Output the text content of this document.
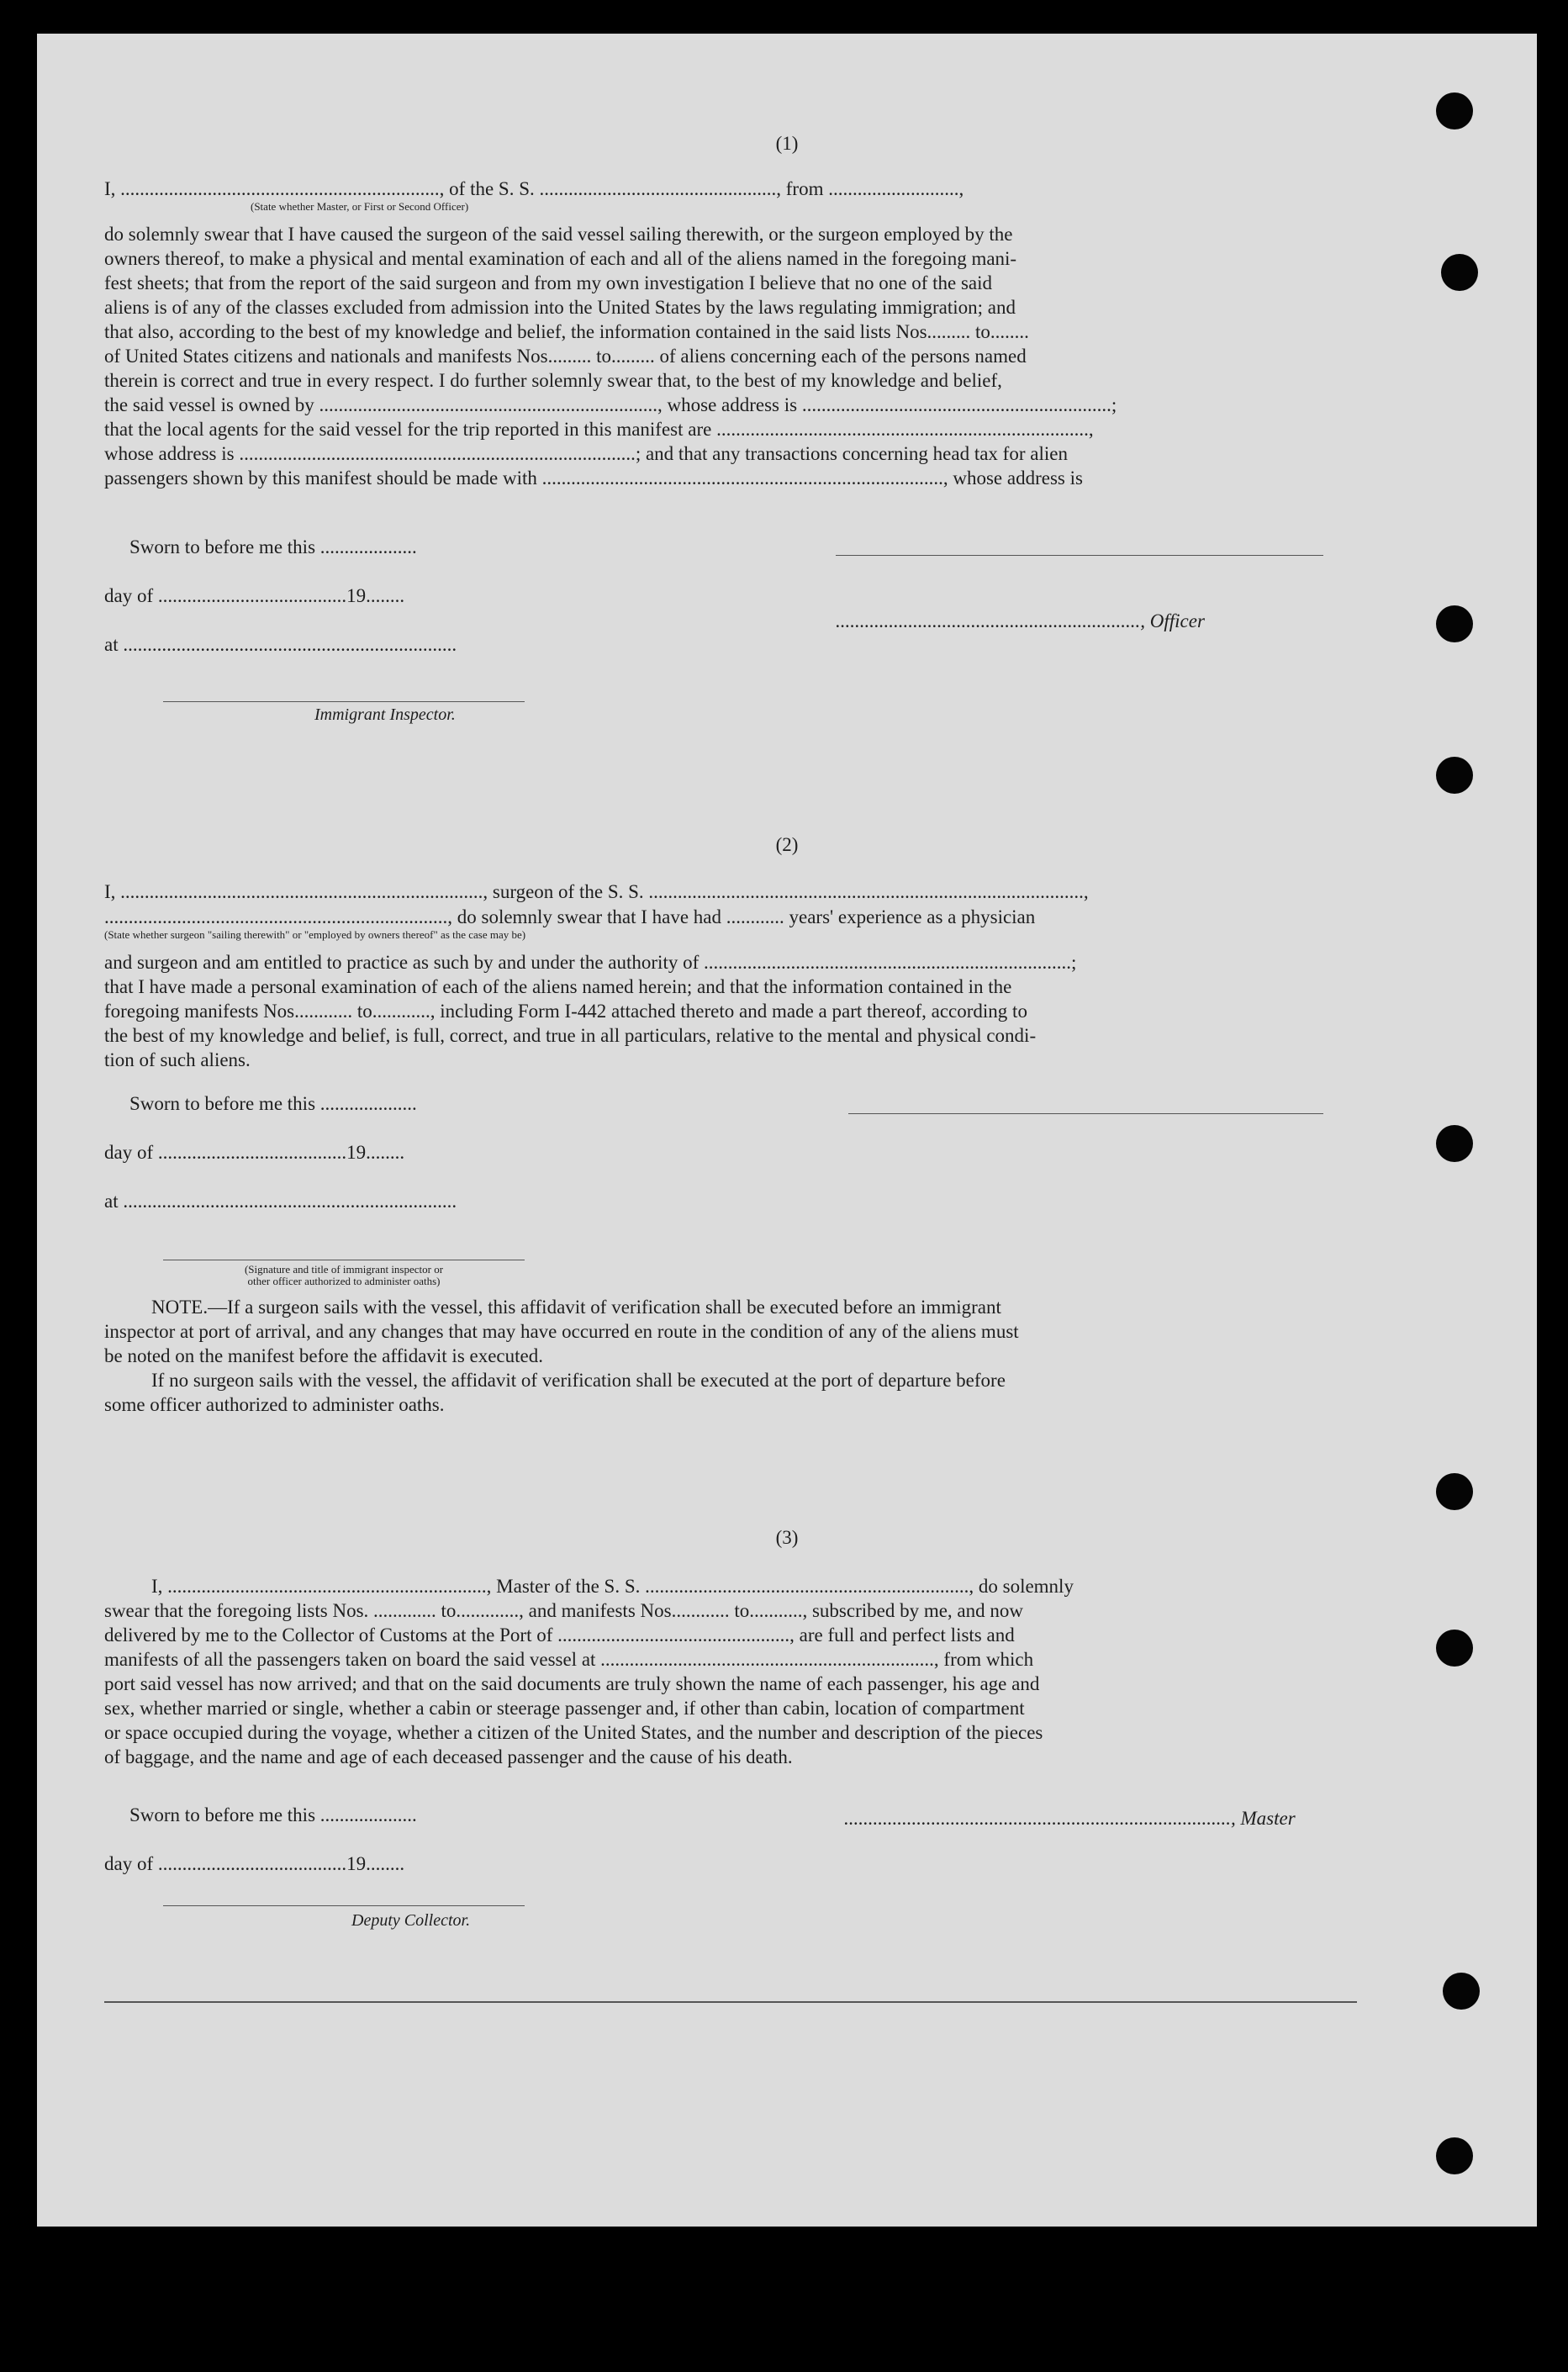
(1)
I, .................................................................., of the S. S. ................................................., from ...........................,
(State whether Master, or First or Second Officer)
do solemnly swear that I have caused the surgeon of the said vessel sailing therewith, or the surgeon employed by the
owners thereof, to make a physical and mental examination of each and all of the aliens named in the foregoing mani-
fest sheets; that from the report of the said surgeon and from my own investigation I believe that no one of the said
aliens is of any of the classes excluded from admission into the United States by the laws regulating immigration; and
that also, according to the best of my knowledge and belief, the information contained in the said lists Nos......... to........
of United States citizens and nationals and manifests Nos......... to......... of aliens concerning each of the persons named
therein is correct and true in every respect. I do further solemnly swear that, to the best of my knowledge and belief,
the said vessel is owned by ......................................................................, whose address is ................................................................;
that the local agents for the said vessel for the trip reported in this manifest are .............................................................................,
whose address is ..................................................................................; and that any transactions concerning head tax for alien
passengers shown by this manifest should be made with ..................................................................................., whose address is
Sworn to before me this ....................
day of .......................................19........
..............................................................., Officer
at .....................................................................
Immigrant Inspector.
(2)
I, ..........................................................................., surgeon of the S. S. ..........................................................................................,
......................................................................., do solemnly swear that I have had ............ years' experience as a physician
(State whether surgeon "sailing therewith" or "employed by owners thereof" as the case may be)
and surgeon and am entitled to practice as such by and under the authority of ............................................................................;
that I have made a personal examination of each of the aliens named herein; and that the information contained in the
foregoing manifests Nos............ to............, including Form I-442 attached thereto and made a part thereof, according to
the best of my knowledge and belief, is full, correct, and true in all particulars, relative to the mental and physical condi-
tion of such aliens.
Sworn to before me this ....................
day of .......................................19........
at .....................................................................
(Signature and title of immigrant inspector or
other officer authorized to administer oaths)
NOTE.—If a surgeon sails with the vessel, this affidavit of verification shall be executed before an immigrant
inspector at port of arrival, and any changes that may have occurred en route in the condition of any of the aliens must
be noted on the manifest before the affidavit is executed.
If no surgeon sails with the vessel, the affidavit of verification shall be executed at the port of departure before
some officer authorized to administer oaths.
(3)
I, .................................................................., Master of the S. S. ..................................................................., do solemnly
swear that the foregoing lists Nos. ............. to............., and manifests Nos............ to..........., subscribed by me, and now
delivered by me to the Collector of Customs at the Port of ................................................, are full and perfect lists and
manifests of all the passengers taken on board the said vessel at ....................................................................., from which
port said vessel has now arrived; and that on the said documents are truly shown the name of each passenger, his age and
sex, whether married or single, whether a cabin or steerage passenger and, if other than cabin, location of compartment
or space occupied during the voyage, whether a citizen of the United States, and the number and description of the pieces
of baggage, and the name and age of each deceased passenger and the cause of his death.
Sworn to before me this ....................	................................................................................, Master
day of .......................................19........
Deputy Collector.
